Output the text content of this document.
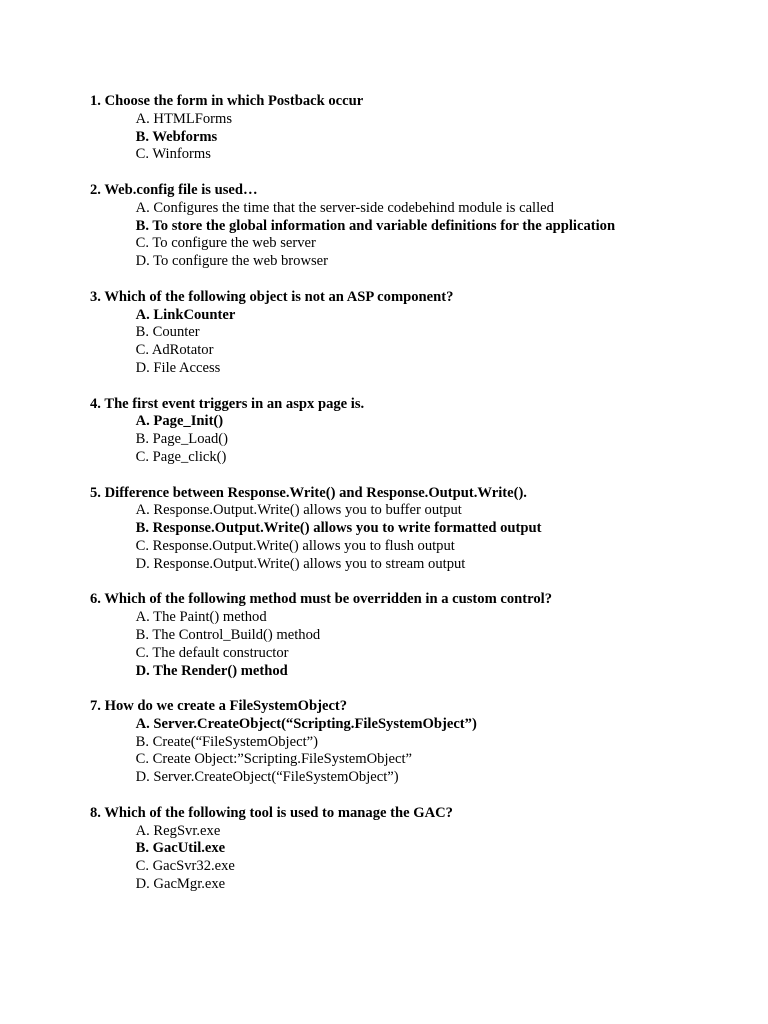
1. Choose the form in which Postback occur
A. HTMLForms
B. Webforms
C. Winforms
2. Web.config file is used…
A. Configures the time that the server-side codebehind module is called
B. To store the global information and variable definitions for the application
C. To configure the web server
D. To configure the web browser
3. Which of the following object is not an ASP component?
A. LinkCounter
B. Counter
C. AdRotator
D. File Access
4. The first event triggers in an aspx page is.
A. Page_Init()
B. Page_Load()
C. Page_click()
5. Difference between Response.Write() and Response.Output.Write().
A. Response.Output.Write() allows you to buffer output
B. Response.Output.Write() allows you to write formatted output
C. Response.Output.Write() allows you to flush output
D. Response.Output.Write() allows you to stream output
6. Which of the following method must be overridden in a custom control?
A. The Paint() method
B. The Control_Build() method
C. The default constructor
D. The Render() method
7. How do we create a FileSystemObject?
A. Server.CreateObject(“Scripting.FileSystemObject”)
B. Create(“FileSystemObject”)
C. Create Object:”Scripting.FileSystemObject”
D. Server.CreateObject(“FileSystemObject”)
8. Which of the following tool is used to manage the GAC?
A. RegSvr.exe
B. GacUtil.exe
C. GacSvr32.exe
D. GacMgr.exe
